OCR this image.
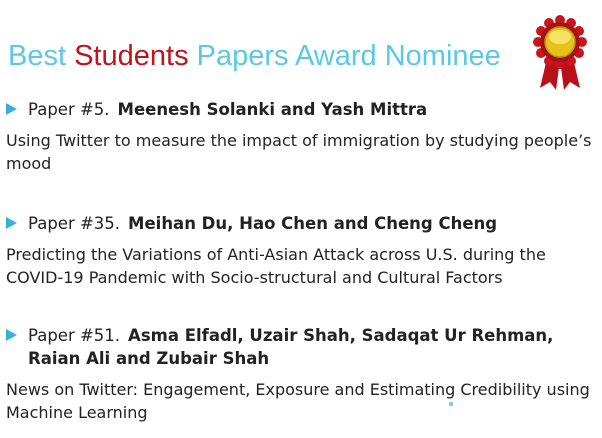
Best Students Papers Award Nominee
Paper #5. Meenesh Solanki and Yash Mittra
Using Twitter to measure the impact of immigration by studying people’s mood
Paper #35. Meihan Du, Hao Chen and Cheng Cheng
Predicting the Variations of Anti-Asian Attack across U.S. during the COVID-19 Pandemic with Socio-structural and Cultural Factors
Paper #51. Asma Elfadl, Uzair Shah, Sadaqat Ur Rehman, Raian Ali and Zubair Shah
News on Twitter: Engagement, Exposure and Estimating Credibility using Machine Learning
